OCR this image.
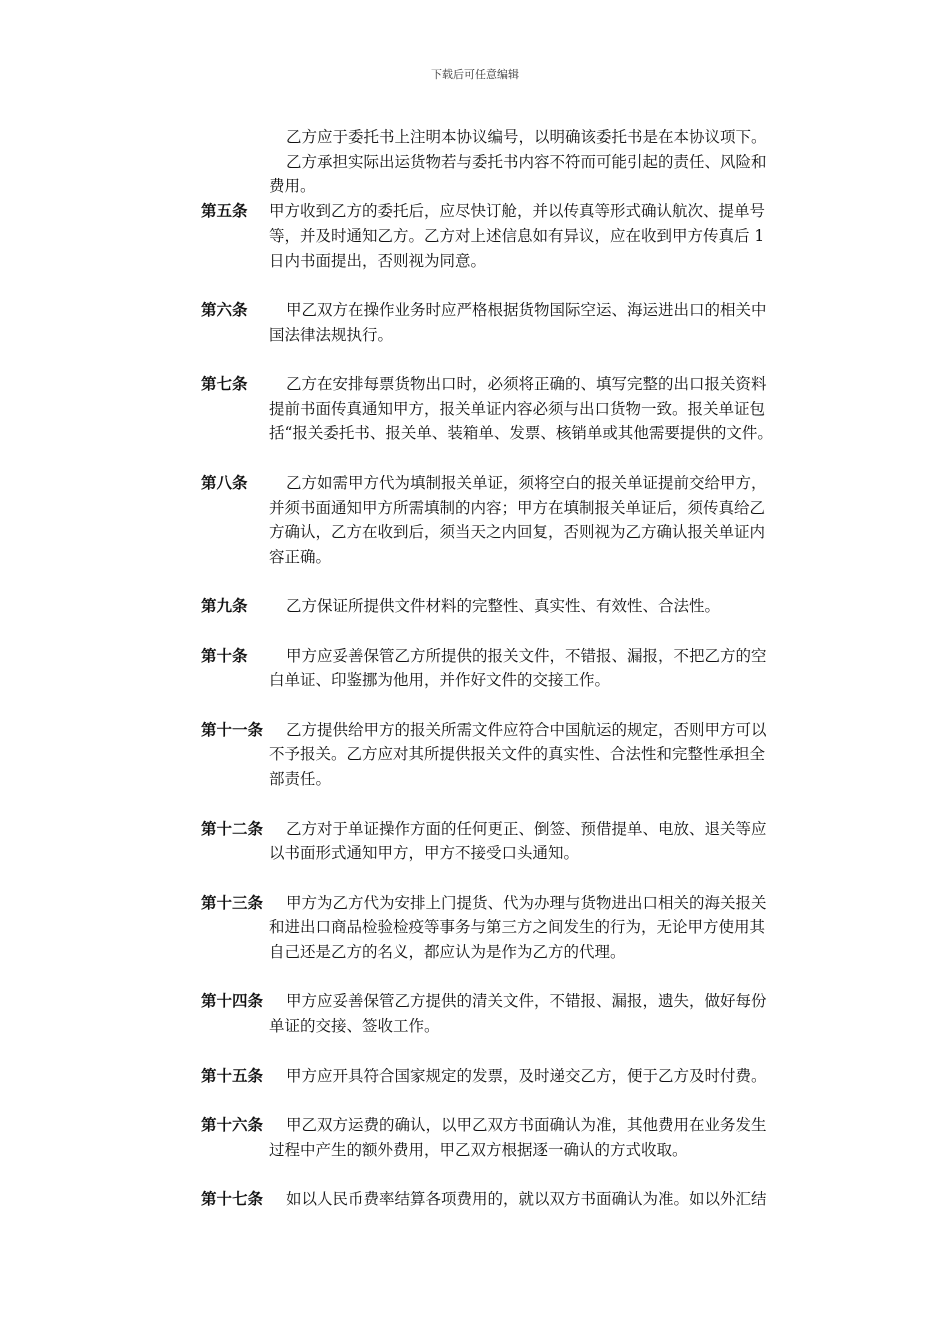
下载后可任意编辑
乙方应于委托书上注明本协议编号，以明确该委托书是在本协议项下。
乙方承担实际出运货物若与委托书内容不符而可能引起的责任、风险和
费用。
第五条 甲方收到乙方的委托后，应尽快订舱，并以传真等形式确认航次、提单号
等，并及时通知乙方。乙方对上述信息如有异议，应在收到甲方传真后 1
日内书面提出，否则视为同意。
第六条	甲乙双方在操作业务时应严格根据货物国际空运、海运进出口的相关中
国法律法规执行。
第七条	乙方在安排每票货物出口时，必须将正确的、填写完整的出口报关资料
提前书面传真通知甲方，报关单证内容必须与出口货物一致。报关单证包
括“报关委托书、报关单、装箱单、发票、核销单或其他需要提供的文件。
第八条	乙方如需甲方代为填制报关单证，须将空白的报关单证提前交给甲方，
并须书面通知甲方所需填制的内容；甲方在填制报关单证后，须传真给乙
方确认，乙方在收到后，须当天之内回复，否则视为乙方确认报关单证内
容正确。
第九条	乙方保证所提供文件材料的完整性、真实性、有效性、合法性。
第十条	甲方应妥善保管乙方所提供的报关文件，不错报、漏报，不把乙方的空
白单证、印鉴挪为他用，并作好文件的交接工作。
第十一条	乙方提供给甲方的报关所需文件应符合中国航运的规定，否则甲方可以
不予报关。乙方应对其所提供报关文件的真实性、合法性和完整性承担全
部责任。
第十二条	乙方对于单证操作方面的任何更正、倒签、预借提单、电放、退关等应
以书面形式通知甲方，甲方不接受口头通知。
第十三条	甲方为乙方代为安排上门提货、代为办理与货物进出口相关的海关报关
和进出口商品检验检疫等事务与第三方之间发生的行为，无论甲方使用其
自己还是乙方的名义，都应认为是作为乙方的代理。
第十四条	甲方应妥善保管乙方提供的清关文件，不错报、漏报，遗失，做好每份
单证的交接、签收工作。
第十五条	甲方应开具符合国家规定的发票，及时递交乙方，便于乙方及时付费。
第十六条	甲乙双方运费的确认，以甲乙双方书面确认为准，其他费用在业务发生
过程中产生的额外费用，甲乙双方根据逐一确认的方式收取。
第十七条	如以人民币费率结算各项费用的，就以双方书面确认为准。如以外汇结
